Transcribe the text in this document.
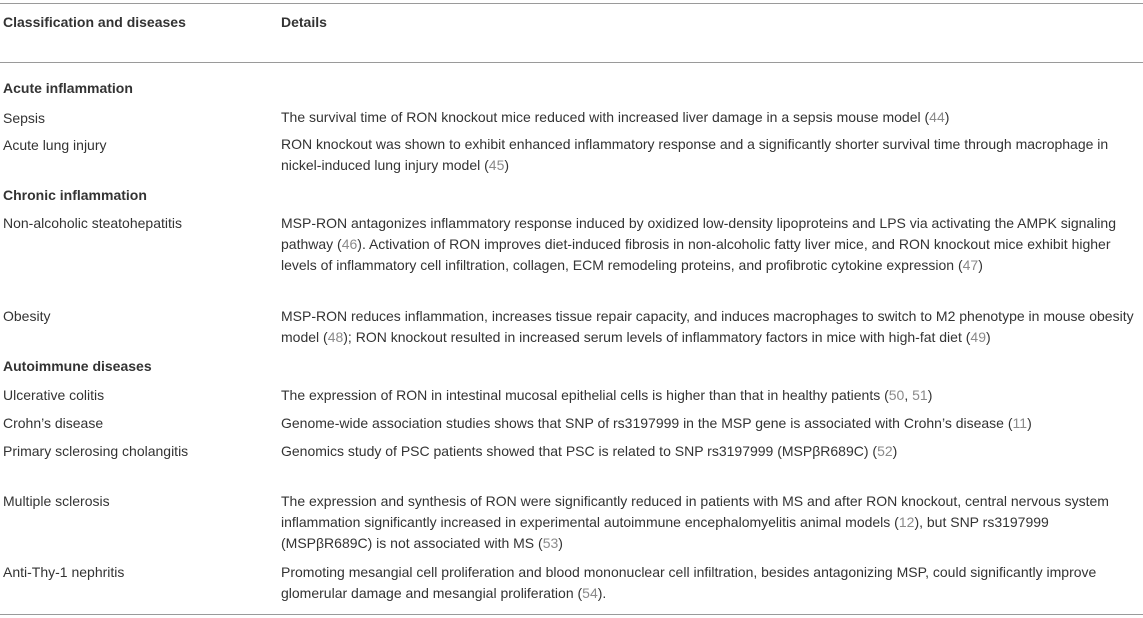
Classification and diseases	Details
Acute inflammation
Sepsis	The survival time of RON knockout mice reduced with increased liver damage in a sepsis mouse model (44)
Acute lung injury	RON knockout was shown to exhibit enhanced inflammatory response and a significantly shorter survival time through macrophage in nickel-induced lung injury model (45)
Chronic inflammation
Non-alcoholic steatohepatitis	MSP-RON antagonizes inflammatory response induced by oxidized low-density lipoproteins and LPS via activating the AMPK signaling pathway (46). Activation of RON improves diet-induced fibrosis in non-alcoholic fatty liver mice, and RON knockout mice exhibit higher levels of inflammatory cell infiltration, collagen, ECM remodeling proteins, and profibrotic cytokine expression (47)
Obesity	MSP-RON reduces inflammation, increases tissue repair capacity, and induces macrophages to switch to M2 phenotype in mouse obesity model (48); RON knockout resulted in increased serum levels of inflammatory factors in mice with high-fat diet (49)
Autoimmune diseases
Ulcerative colitis	The expression of RON in intestinal mucosal epithelial cells is higher than that in healthy patients (50, 51)
Crohn’s disease	Genome-wide association studies shows that SNP of rs3197999 in the MSP gene is associated with Crohn’s disease (11)
Primary sclerosing cholangitis	Genomics study of PSC patients showed that PSC is related to SNP rs3197999 (MSPβR689C) (52)
Multiple sclerosis	The expression and synthesis of RON were significantly reduced in patients with MS and after RON knockout, central nervous system inflammation significantly increased in experimental autoimmune encephalomyelitis animal models (12), but SNP rs3197999 (MSPβR689C) is not associated with MS (53)
Anti-Thy-1 nephritis	Promoting mesangial cell proliferation and blood mononuclear cell infiltration, besides antagonizing MSP, could significantly improve glomerular damage and mesangial proliferation (54).
